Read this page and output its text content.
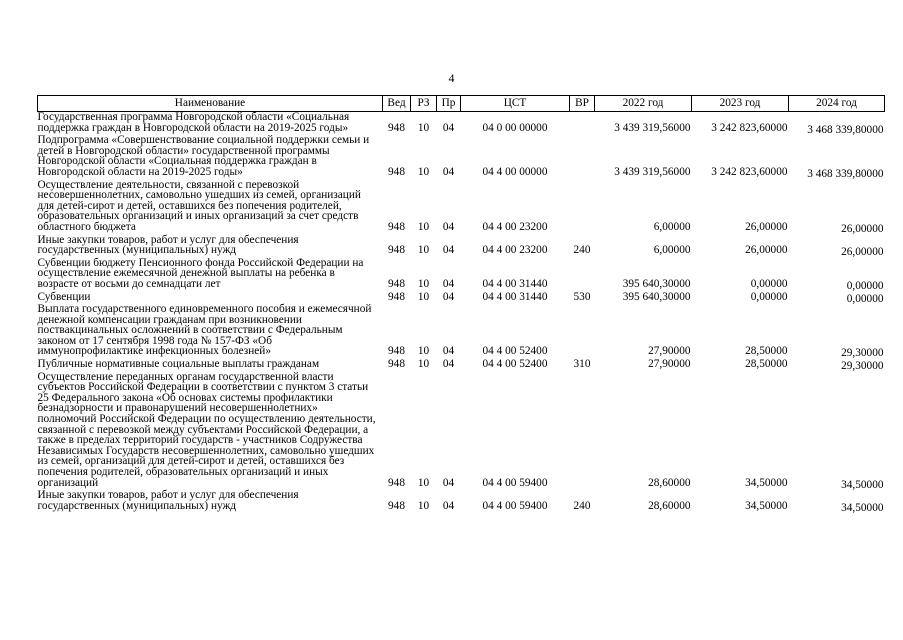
4
Наименование	Вед	РЗ	Пр	ЦСТ	ВР	2022 год	2023 год	2024 год
Государственная программа Новгородской области «Социальная поддержка граждан в Новгородской области на 2019-2025 годы»	948	10	04	04 0 00 00000		3 439 319,56000	3 242 823,60000	3 468 339,80000
Подпрограмма «Совершенствование социальной поддержки семьи и детей в Новгородской области» государственной программы Новгородской области «Социальная поддержка граждан в Новгородской области на 2019-2025 годы»	948	10	04	04 4 00 00000		3 439 319,56000	3 242 823,60000	3 468 339,80000
Осуществление деятельности, связанной с перевозкой несовершеннолетних, самовольно ушедших из семей, организаций для детей-сирот и детей, оставшихся без попечения родителей, образовательных организаций и иных организаций за счет средств областного бюджета	948	10	04	04 4 00 23200		6,00000	26,00000	26,00000
Иные закупки товаров, работ и услуг для обеспечения государственных (муниципальных) нужд	948	10	04	04 4 00 23200	240	6,00000	26,00000	26,00000
Субвенции бюджету Пенсионного фонда Российской Федерации на осуществление ежемесячной денежной выплаты на ребенка в возрасте от восьми до семнадцати лет	948	10	04	04 4 00 31440		395 640,30000	0,00000	0,00000
Субвенции	948	10	04	04 4 00 31440	530	395 640,30000	0,00000	0,00000
Выплата государственного единовременного пособия и ежемесячной денежной компенсации гражданам при возникновении поствакцинальных осложнений в соответствии с Федеральным законом от 17 сентября 1998 года № 157-ФЗ «Об иммунопрофилактике инфекционных болезней»	948	10	04	04 4 00 52400		27,90000	28,50000	29,30000
Публичные нормативные социальные выплаты гражданам	948	10	04	04 4 00 52400	310	27,90000	28,50000	29,30000
Осуществление переданных органам государственной власти субъектов Российской Федерации в соответствии с пунктом 3 статьи 25 Федерального закона «Об основах системы профилактики безнадзорности и правонарушений несовершеннолетних» полномочий Российской Федерации по осуществлению деятельности, связанной с перевозкой между субъектами Российской Федерации, а также в пределах территорий государств - участников Содружества Независимых Государств несовершеннолетних, самовольно ушедших из семей, организаций для детей-сирот и детей, оставшихся без попечения родителей, образовательных организаций и иных организаций	948	10	04	04 4 00 59400		28,60000	34,50000	34,50000
Иные закупки товаров, работ и услуг для обеспечения государственных (муниципальных) нужд	948	10	04	04 4 00 59400	240	28,60000	34,50000	34,50000
